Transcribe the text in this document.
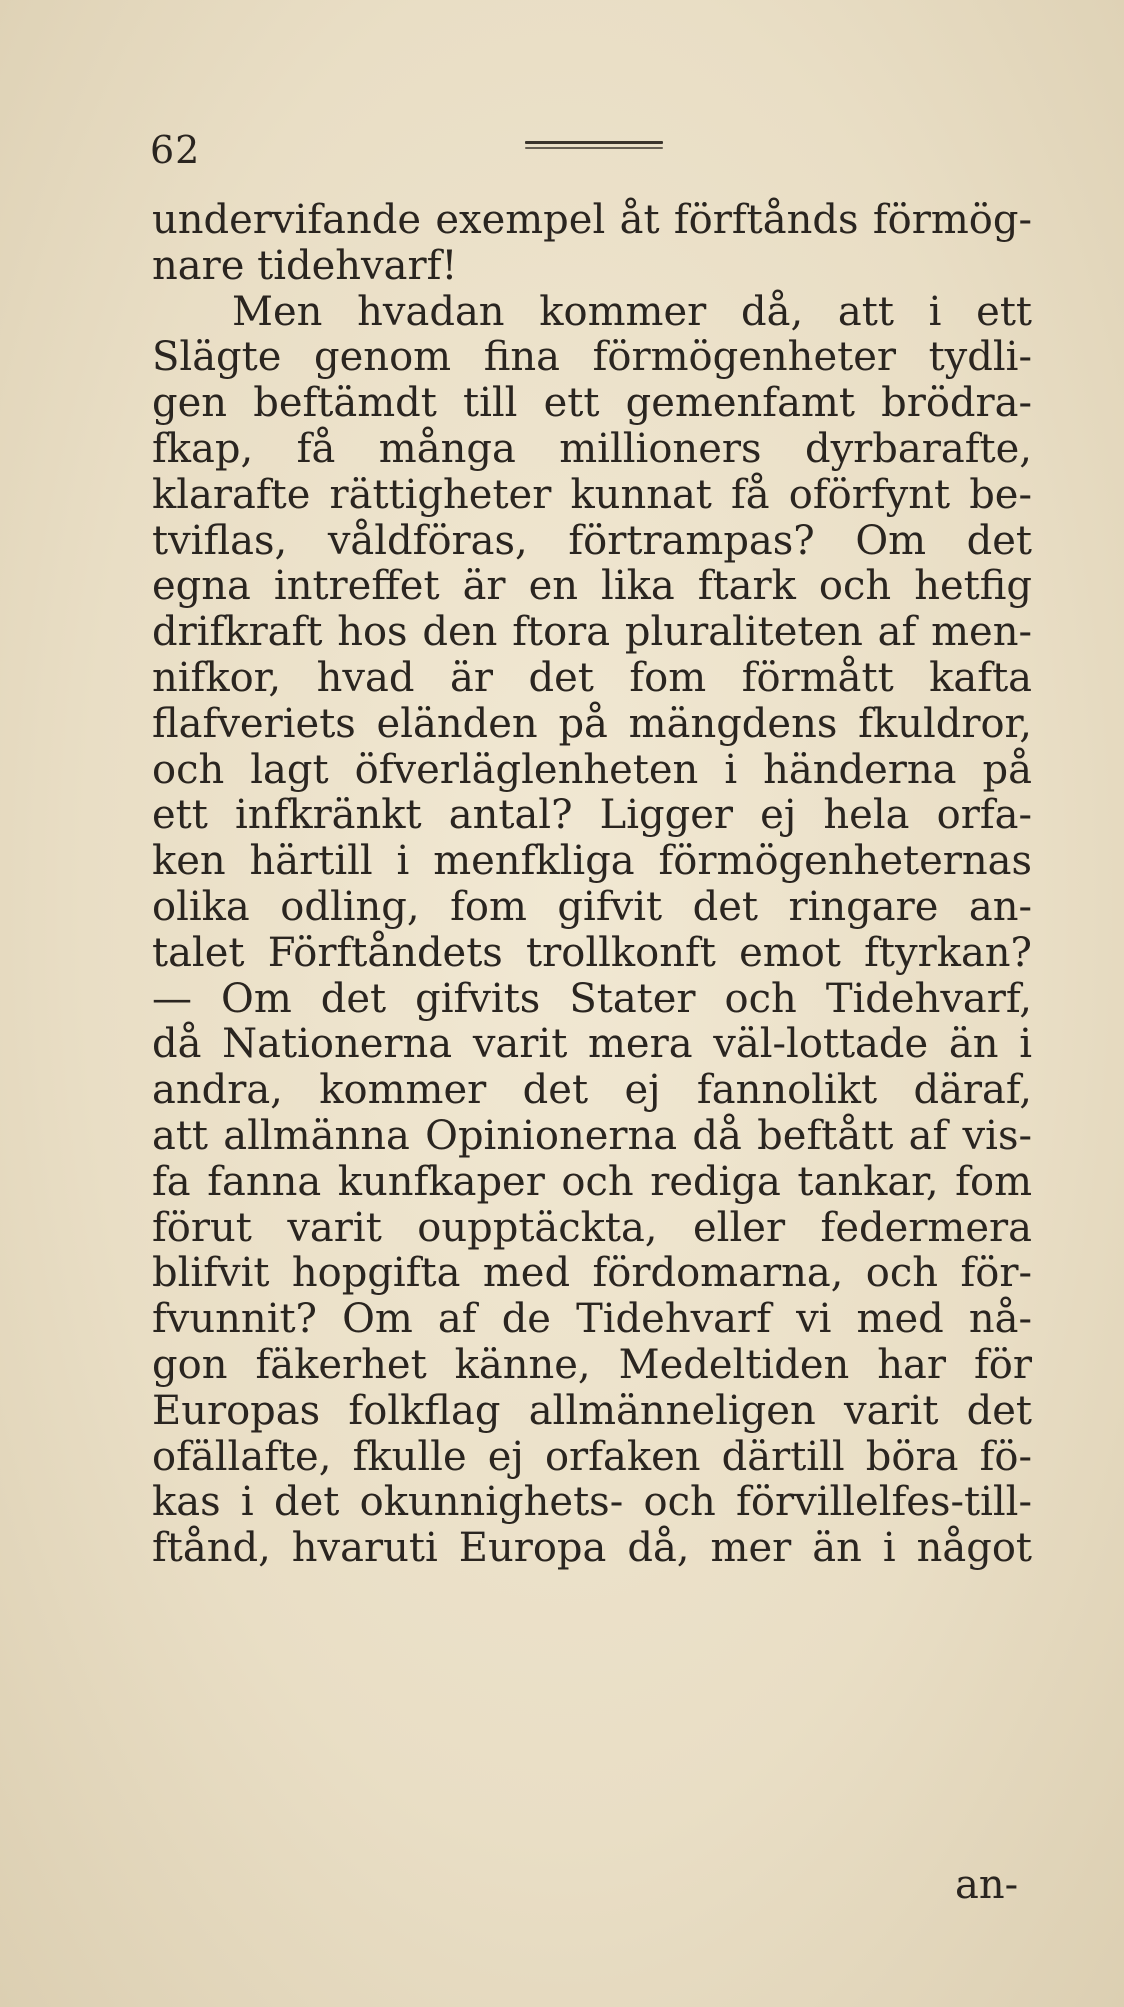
62
undervifande exempel åt förftånds förmög-
nare tidehvarf!
Men hvadan kommer då, att i ett
Slägte genom fina förmögenheter tydli-
gen beftämdt till ett gemenfamt brödra-
fkap, få många millioners dyrbarafte,
klarafte rättigheter kunnat få oförfynt be-
tviflas, våldföras, förtrampas? Om det
egna intreffet är en lika ftark och hetfig
drifkraft hos den ftora pluraliteten af men-
nifkor, hvad är det fom förmått kafta
flafveriets eländen på mängdens fkuldror,
och lagt öfverläglenheten i händerna på
ett infkränkt antal? Ligger ej hela orfa-
ken härtill i menfkliga förmögenheternas
olika odling, fom gifvit det ringare an-
talet Förftåndets trollkonft emot ftyrkan?
— Om det gifvits Stater och Tidehvarf,
då Nationerna varit mera väl-lottade än i
andra, kommer det ej fannolikt däraf,
att allmänna Opinionerna då beftått af vis-
fa fanna kunfkaper och rediga tankar, fom
förut varit oupptäckta, eller federmera
blifvit hopgifta med fördomarna, och för-
fvunnit? Om af de Tidehvarf vi med nå-
gon fäkerhet känne, Medeltiden har för
Europas folkflag allmänneligen varit det
ofällafte, fkulle ej orfaken därtill böra fö-
kas i det okunnighets- och förvillelfes-till-
ftånd, hvaruti Europa då, mer än i något
an-
